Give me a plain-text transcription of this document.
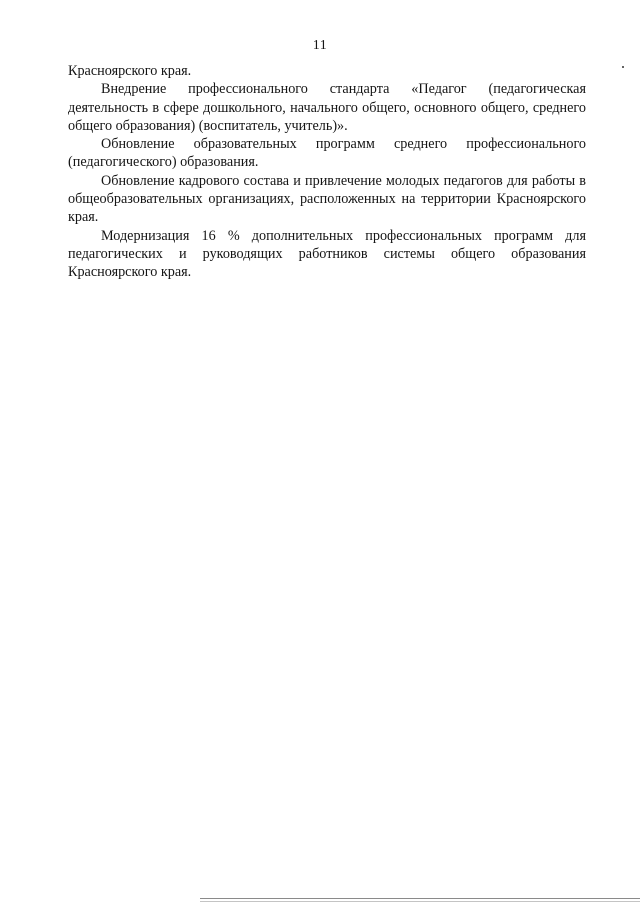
11

Красноярского края.

Внедрение профессионального стандарта «Педагог (педагогическая деятельность в сфере дошкольного, начального общего, основного общего, среднего общего образования) (воспитатель, учитель)».

Обновление образовательных программ среднего профессионального (педагогического) образования.

Обновление кадрового состава и привлечение молодых педагогов для работы в общеобразовательных организациях, расположенных на территории Красноярского края.

Модернизация 16 % дополнительных профессиональных программ для педагогических и руководящих работников системы общего образования Красноярского края.
